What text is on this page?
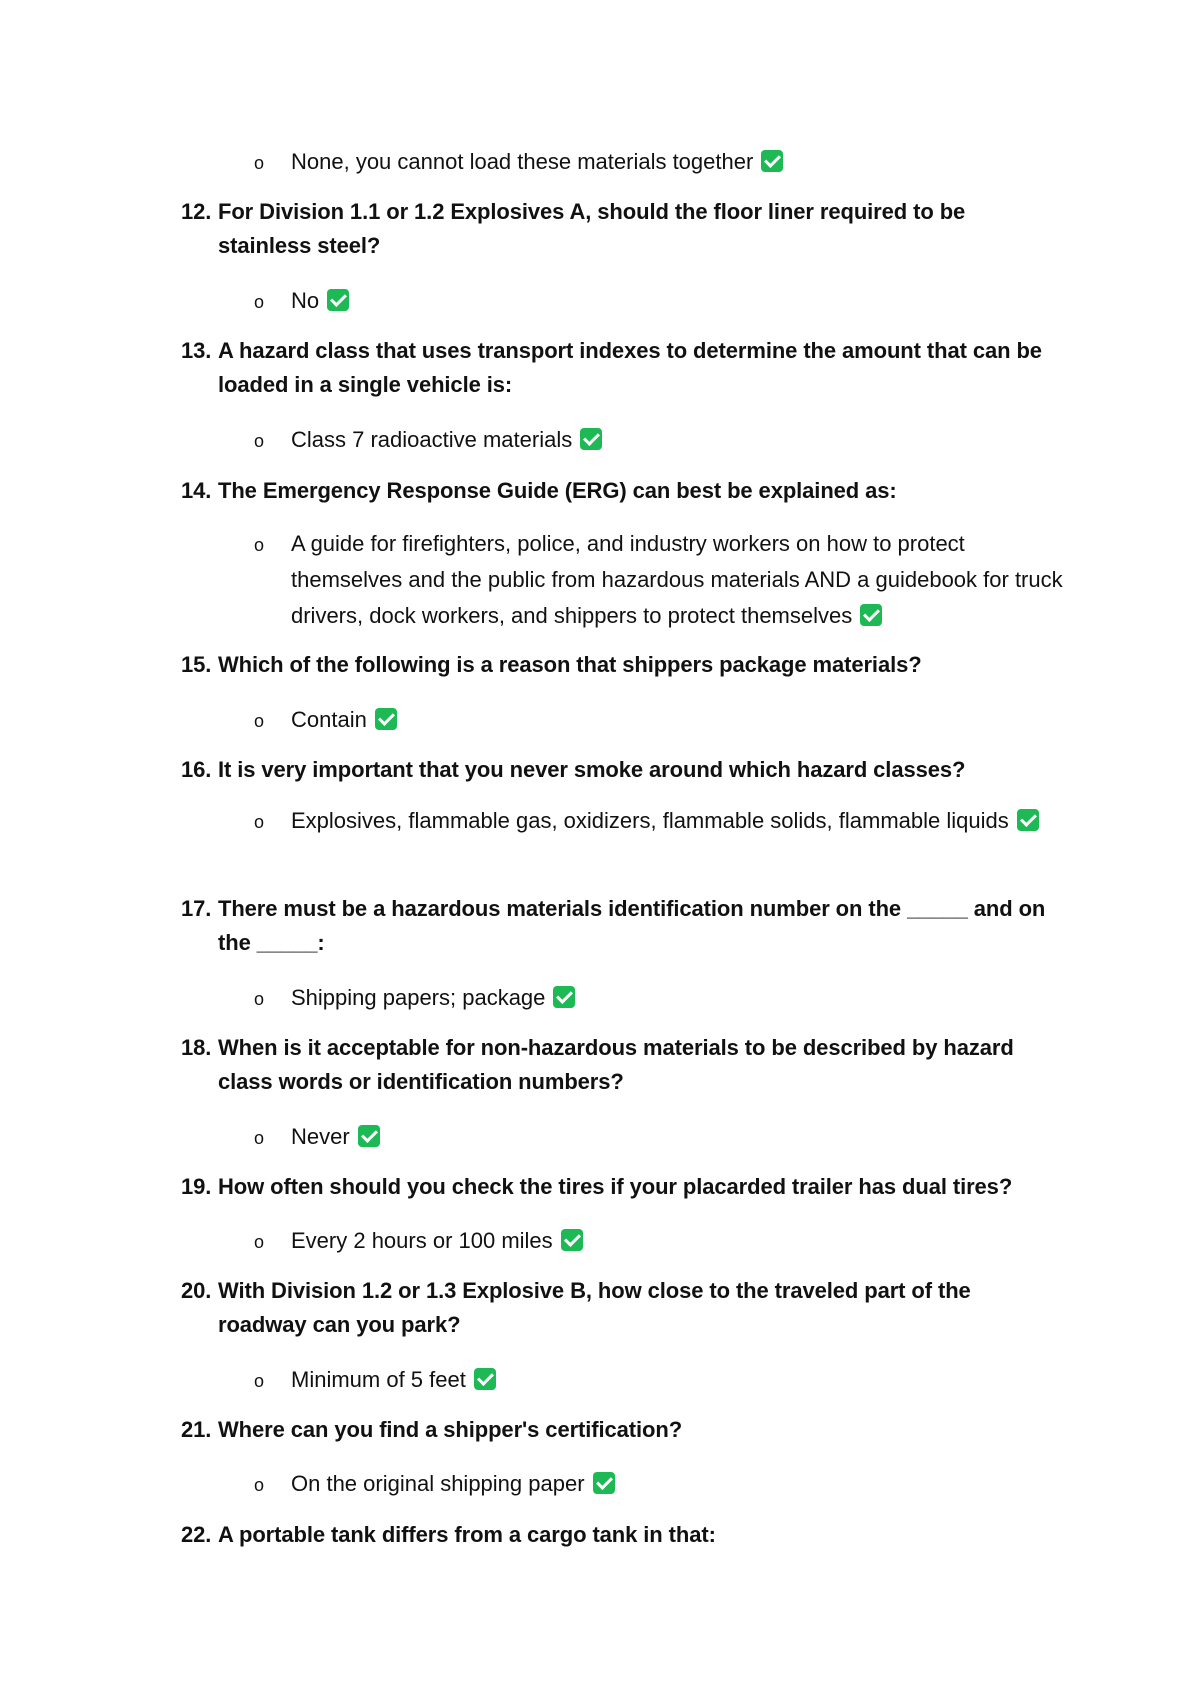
o None, you cannot load these materials together
12. For Division 1.1 or 1.2 Explosives A, should the floor liner required to be stainless steel?
o No
13. A hazard class that uses transport indexes to determine the amount that can be loaded in a single vehicle is:
o Class 7 radioactive materials
14. The Emergency Response Guide (ERG) can best be explained as:
o A guide for firefighters, police, and industry workers on how to protect themselves and the public from hazardous materials AND a guidebook for truck drivers, dock workers, and shippers to protect themselves
15. Which of the following is a reason that shippers package materials?
o Contain
16. It is very important that you never smoke around which hazard classes?
o Explosives, flammable gas, oxidizers, flammable solids, flammable liquids
17. There must be a hazardous materials identification number on the _____ and on the _____:
o Shipping papers; package
18. When is it acceptable for non-hazardous materials to be described by hazard class words or identification numbers?
o Never
19. How often should you check the tires if your placarded trailer has dual tires?
o Every 2 hours or 100 miles
20. With Division 1.2 or 1.3 Explosive B, how close to the traveled part of the roadway can you park?
o Minimum of 5 feet
21. Where can you find a shipper's certification?
o On the original shipping paper
22. A portable tank differs from a cargo tank in that:
